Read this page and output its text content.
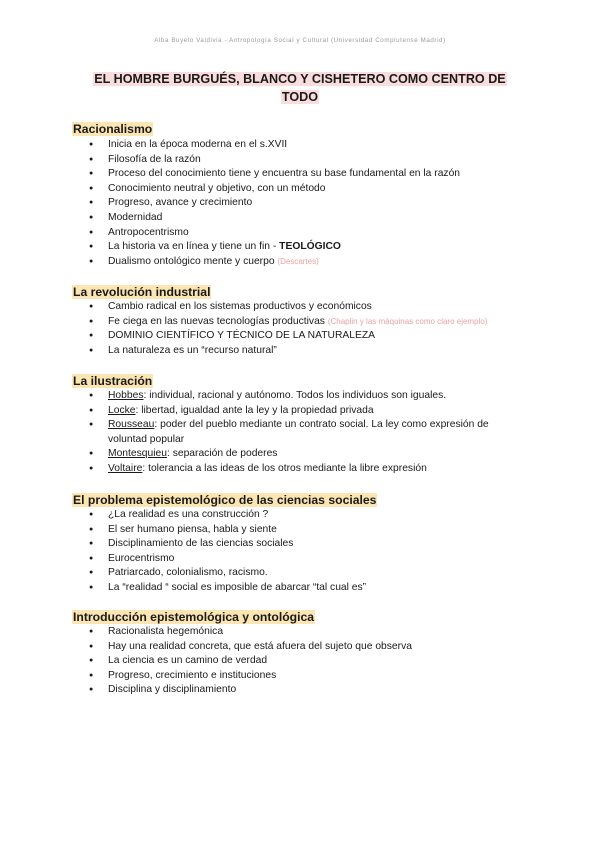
Alba Buyelo Valdivia - Antropología Social y Cultural (Universidad Complutense Madrid)
EL HOMBRE BURGUÉS, BLANCO Y CISHETERO COMO CENTRO DE
TODO
Racionalismo
● Inicia en la época moderna en el s.XVII
● Filosofía de la razón
● Proceso del conocimiento tiene y encuentra su base fundamental en la razón
● Conocimiento neutral y objetivo, con un método
● Progreso, avance y crecimiento
● Modernidad
● Antropocentrismo
● La historia va en línea y tiene un fin - TEOLÓGICO
● Dualismo ontológico mente y cuerpo (Descartes)
La revolución industrial
● Cambio radical en los sistemas productivos y económicos
● Fe ciega en las nuevas tecnologías productivas (Chaplin y las máquinas como claro ejemplo)
● DOMINIO CIENTÍFICO Y TÉCNICO DE LA NATURALEZA
● La naturaleza es un “recurso natural”
La ilustración
● Hobbes: individual, racional y autónomo. Todos los individuos son iguales.
● Locke: libertad, igualdad ante la ley y la propiedad privada
● Rousseau: poder del pueblo mediante un contrato social. La ley como expresión de voluntad popular
● Montesquieu: separación de poderes
● Voltaire: tolerancia a las ideas de los otros mediante la libre expresión
El problema epistemológico de las ciencias sociales
● ¿La realidad es una construcción ?
● El ser humano piensa, habla y siente
● Disciplinamiento de las ciencias sociales
● Eurocentrismo
● Patriarcado, colonialismo, racismo.
● La “realidad “ social es imposible de abarcar “tal cual es”
Introducción epistemológica y ontológica
● Racionalista hegemónica
● Hay una realidad concreta, que está afuera del sujeto que observa
● La ciencia es un camino de verdad
● Progreso, crecimiento e instituciones
● Disciplina y disciplinamiento
